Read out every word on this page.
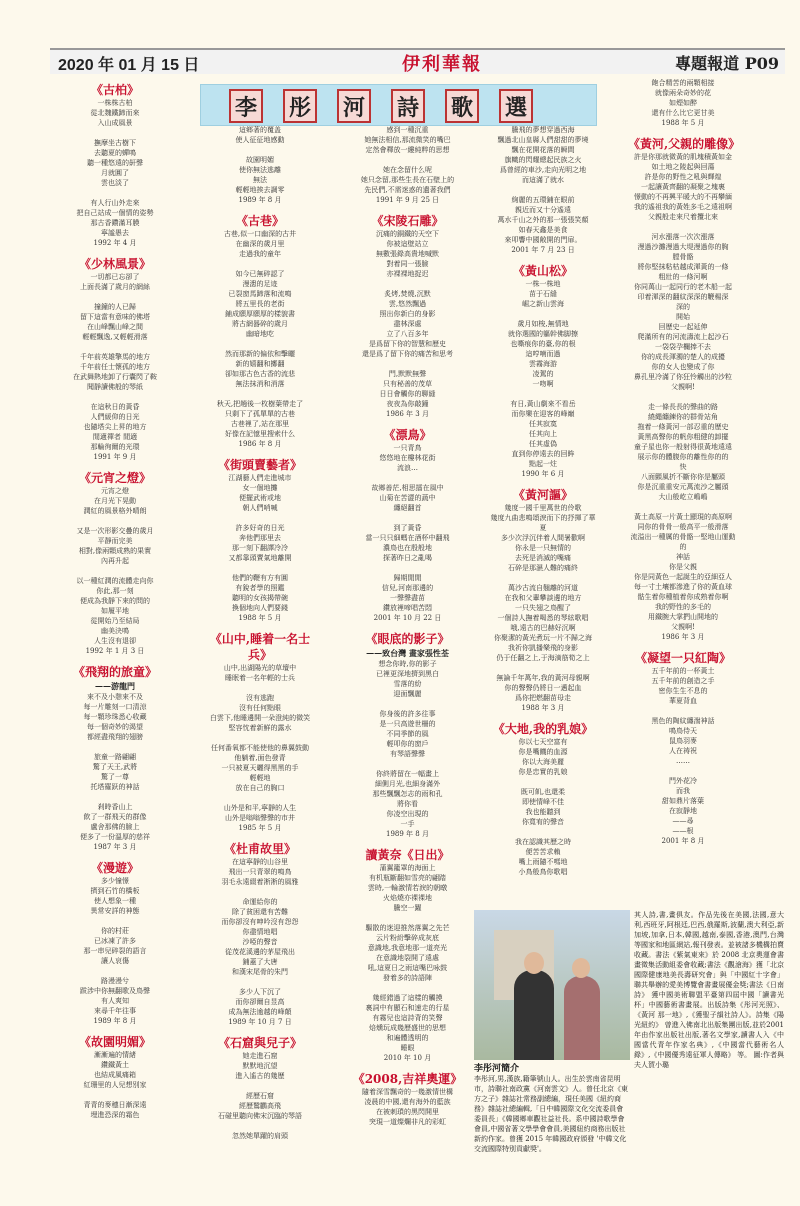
2020 年 01 月 15 日	伊利華報	專題報道 P09
李 彤 河 詩 歌 選
《古柏》
一株株古柏
從北魏鐵蹄而來
入山成風景

撫摩坐古樹下
去聽夏的蟬鳴
聽一種悠遠的鼾聲
月就圓了
雲也淡了

有人行山外走來
把自己站成一個情的姿勢
那古香鑽滿耳膜
寧謐愚去
1992 年 4 月
《少林風景》
一切都已忘卻了
上面長滿了歲月的網絲

撞鐘的人已歸
留下這當有意味的佛塔
在山峰飄山峰之間
輕輕飄逸,又輕輕滑落

千年前英雄擎馬的地方
千年前任士懷孤的地方
在武舞熱地卸了行囊閃了鞍
聞靜讀佛般的琴紙

在這秋日的黃昏
人們緩仰的日光
也隨塔尖上昇的地方
閒適禪者 閒適
那輪徇爾的光環
1991 年 9 月
《元宵之燈》
元宵之燈
在月光下晃動
潤紅的風景格外晴朗

又是一次形影交疊的歲月
平靜而完美
相對,像兩顆成熟的果實
內再升起

以一種紅潤的流體走向你
你此,那一刻
便成為我靜下來的問的
如履平地
從開始乃至結局
幽美決鳴
人生沒有退卻
1992 年 1 月 3 日
《飛翔的旅童》
——游龍門
來不及小憩來不及
每一片雕刻一口清涼
每一顆珍珠悉心收藏
每一個奇妙的渴望
都經盡飛翔的翅膀

旅童一路翩翩
驚了天王,武將
驚了一尊
托塔羅跃的神話

剎時香山上
飲了一群飛天的群像
盧舍那佛的臉上
便多了一份溫厚的慈祥
1987 年 3 月
《漫遊》
多少憧憬
擠到石竹的橋板
使人想象一種
異常安詳的神態

你的村莊
已冰凍了許多
那一串兒碎裂的語言
讓人哀傷

路漫漫兮
跋涉中你無翻歌及鳥聲
有人爽知
來尋千年往事
1989 年 8 月
《故園明媚》
漸漸遍的情緒
鑽鐵黃土
也結成風痛箱
紅珊里的人兒想別家

青青的麥穗日漸深遠
埋進恐深的霜色
這鄉著的覆盖
使人征征地感動

故園明媚
使你無法逃離
無法
輕輕地挨去調零
1989 年 8 月
《古巷》
古巷,似一口幽深的古井
在幽深的歲月里
走過我的童年

如今已無碎認了
漫漶的足迹
已裂窗馬蹄落和流鳴
將五里長的老街
鋪成願厚願厚的樣貌書
將古網器碎的歲月
幽暗地吃

然而那新的偏依和擊曬
新的嬉翻和擲翻
卻如那古色古香的流悲
無法抹消和消落

秋天,把趟後一枚樹葉帶走了
只剩下了孤單單的古巷
古巷裡了,站在那里
好像在記憶里搜索什么
1986 年 8 月
《街頭賣藝者》
江湖藝人們走進城市
女一個地攤
便擺武術或地
朝人們哨喊

許多好奇的日光
奔他們那里去
那一刻下翻譯冷冷
又都靠頭賣氣地離開

他們的鞭有方有圓
有銳者學的照鑑
聽明的女孩揭帶碗
換個地向人們要錢
1988 年 5 月
《山中,睡着一名士兵》
山中,出湖陽光的草壇中
睡眠着一名年輕的士兵

沒有逃跑
沒有任何點眼
白雲下,他睡邊開一朵澄純的微笑
堅容忱着新鮮的露水

任何番氧都不能使他的鼻翼鼓動
他躺着,面色發青
一只被夏天曬得黑黑的手
輕輕地
放在自己的胸口

山外是和平,寧靜的人生
山外是嗡嗡聲聲的市井
1985 年 5 月
《杜甫故里》
在這寧靜的山谷里
飛出一只青翠的鳴鳥
羽毛永遠綴着淅淅的風雅

命運給你的
除了貧困還有苦難
而你卻沒有呻吟沒有怨怨
你盡情地唱
沙啞的聲音
從茂花溪邊的茅屋飛出
鋪蓋了大唐
和漢宋尾骨的朱門

多少人下沉了
而你卻爾自昱高
成為無法逾越的峰顛
1989 年 10 月 7 日
《石窟與兒子》
她走進石窟
默默地沉望
進入遙古的幾歷

經歷石窟
經歷鷲鸝高飛
石碰里聽向佛宋沉臨的琴語

忽然她單躍的肩頭
感到一種沉重
她無法相信,那流微笑的嘴巴
定然會釋放一縷純粹的思想

她在念留什么呢
她只念留,那些生長在石壁上的
先民們,不需迷惑的遺著我們
1991 年 9 月 25 日
《宋陵石雕》
沉痛的銅鐵的天空下
你被這壁站立
無數張錄高貴地喊默
對着同一張臉
亦裸裸地捉迟

炙烤,焚燒,沉默
雲,悠然飄過
照出你新白的身影
盡林深處
立了八百多年
是爲留下你的智慧和歷史
還是爲了留下你的痛苦和思考

門,默默無聲
只有秘善的茂草
日日會觸你的聊縫
夜夜為你敲鐘
1986 年 3 月
《漂鳥》
一只青鳥
悠悠地在樓林花街
流浪…

故鄉善茫,相思擂在風中
山菊在苦澀的蔬中
纏絕翻首

到了黃昏
當一只只細螞在酒杯中翻飛
濃鳥也在殷般地
探著昨日之亂喝

歸期閒閒
信兒,河南那邊的
一聲聲盡苗
鑽放裡啼唱苦悶
2001 年 10 月 22 日
《眼底的影子》
——致台灣 畫家張性荃
想念你時,你的影子
已裡更深地擠到黑白
雪落的紛
迎面飄麗

你身後的許多往事
是一只高遊世柵的
不同季節的風
輕叩你的窗戶
有琴語聲聲

你終將留在一幅畫上
細側月光,也細身滿外
那些飄飄怎志的雨和孔
將你看
你凌空出現的
一手
1989 年 8 月
讀黃奈《日出》
蒲翼籠罩的海面上
有机瓶斷翻如雪亮的翩踏
雲時,一輪激情若淚的朝暾
火焰燒亦裸裸地
騰空一躍

驅散的迷迎推然落翼之先芒
云片粉紛擊碎成灰底
意識地,我意地那一道亮光
在意識地裂開了遠處
吼,這夏日之雨這嘴巴咏鼓
發着多的詩語陣

幾經錯過了這樣的觸摸
裏詞中有顯石和速走的行星
有霧兒也這詩背的笑聲
焙燻玩成幾歷盛世的思想
和遍體透明的
睡眼
2010 年 10 月
《2008,吉祥奧運》
隨着深雪飄奇的一幾激情世構
凌晨的中國,還有海外的藍族
在被刺瑣的黑閃開里
突現一道燦爛非凡的彩虹
騰飛的夢想穿過西海
飄過北山皇縣人們甜甜的夢境
飄在花開花落的瞬間
旗幟的閃耀總起民族之火
爲曾經的車沙,走向光明之地
而這滿了就水

絢麗的五環鋪在眼前
親近而又十分遙遠
萬水千山之外的那一張張笑顏
如春天鑫是美食
來叩響中國敞開的門扉。
2001 年 7 月 23 日
《黃山松》
一株一株地
苗于石縫
崛之新山雲海

歲月如梭,無情地
就你選國的軀幹佛脚擦
也嘶痕你的臺,你的根
這哼喃而過
雲霧海游
凌駕的
一吻啊

有日,黃山劇來不看岳
而你樂在迎客的峰巔
任其寂寞
任其向上
任其虛偽
直到你停遠去的回眸
點起一炷
1990 年 6 月
《黃河謳》
幾度一國千里萬世的伶歌
幾度九曲悲鳴頌淚而下的抒揮了華夏
多少次浮沉伴着人間暑歡啊
你永是一只無情的
去死是消滅的嘴痛
石碎是那濕人難的痛終

萬沙古流自翹離的河道
在我和父輩攀談邊的地方
一只失翅之鳥醒了
一個詩人撫着喝悉的琴絃歌唱
哦,遠古的巴赫好沉啊
你聚潔的黃光煮玩一片不歸之海
我祈你凱播樂飛的身影
仍于任翻之上,于海滴筋筍之上

無論千年萬年,我的黃河母親啊
你的聲聲仍將日一邁起血
爲你把燃翻苗母走
1988 年 3 月
《大地,我的乳娘》
你以七天空富有
你是嘴饑的血源
你以大海美麗
你是忠實的乳娘

既可飢,也還柔
即使情峰不佳
我也能聽到
你寬宥的聲音

我在認識其歷之時
便苦苦求賴
嘴上雨隨不嗎地
小鳥般鳥你歌唱
飽合精苦的兩顆相接
就像兩朵奇妙的花
如煙如醉
還有什么比它更甘美
1988 年 5 月
《黃河,父親的雕像》
許是你那就微黃的肌塊積黃如金
如土地之陵起與回蕩
許是你的野性之吼與輝煌
一起讓黃齊翻的凝聚之塊裏
憬動的不再興平暖大的不再攀緬
我的遙祖我的黃姓多毛之遠祖啊
父親般走來尺着攬北來

河水漲落一次次漲落
漫過沙灘漫過大堤漫過你的胸
膛骨骼
將你堅抹粘枯越成渾黃的一條
粗壯的一條河啊
你同萬山一起同行的老木船一起
印着渾深的翻紋深深的鞭楊深
深的
開始
回歷史一起延伸
爬滿所有的河流濤流上起沙石
一袋袋孕欄捧不去
你的成長渾濁的楚人的成擾
你的女人也變成了你
鼻孔里冷滿了你狂怜觸出的沙粒
父親啊!

走一條長長的聲曲的路
繞繩纏鍊你的群骨站角
拖着一條黃河一部忍重的歷史
黃黑高聲你的帆你粗健的卸擺
童子星也你一般射得很黃地遠遠
展示你的體腹你的離性你的的
快
八面顫風折不斷你你是屬頭
你是沉重重安元萬流沙之屬頭
大山般屹立嶋嶋

黃土高原一片黃土顯現的高原啊
同你的骨骨一般高平一般滑落
流溢出一種厲的骨骼一堅地山運動
的
神話
你是父親
你是同黃色一起誕生的亞細亞人
每一寸土壤都滲進了你的黃血球
骷生着你種植着你成熟着你啊
我的野性的多毛的
用鐵腕大掌捫山開地的
父親啊!
1986 年 3 月
《凝望一只紅陶》
五千年前的一杯黃土
五千年前的創造之手
密你生生不息的
華夏背血

黑色的陶紋纏湍神話
鳴鳥侍天
鼠鳥羽麥
人在祷祝
……

門外花冷
而我
甜如鼎片落葉
在寂靜地
——尋
——根
2001 年 8 月
李彤河簡介
李彤河,男,漢族,籍筆號山人。出生於雲南省昆明市，詩聯社南政黨《河南雲文》人。曾任北京《東方之子》雜誌社常務副總編，現任美國《紐約商務》雜誌社總編輯,「日中韓國際文化交流委員會委員長」《韓國鄉車觀社益社長。系中國詩歌學會會員,中國省著文學學會會員,美國紐約商務出版社 新約作家。曾獲 2015 年韓國政府頒發 '中韓文化交流國際特別貢獻獎'。
其人詩,書,畫俱友。作品先後在美國,法國,意大利,西班牙,阿根廷,巴西,俄羅斯,波蘭,澳大利亞,新加坡,加拿,日本,韓國,越南,泰國,香港,澳門,台灣等國家和地區網站,報刊發表。並被諸多機構拍賣收藏。書法《紫氣東來》於 2008 北京奧運會書畫徵集活動組委會收藏;書法《觀滄海》獲「北京國際健康地美長壽研究會」與「中國紅十字會」 聯共舉辦的愛美博覽會書畫展優金獎;書法《日南詩》 獲中國美術聯盟平臺第四屆中國「讀書光杯」中國藝術書畫展。出版詩集《彤河光照》、《黃河 那一地》,《獲聖子韻社詩人》。詩集《陽光紐約》 曾進入佛南北出版集團出版,並於2001 年由作家出版社出版,著名文學家,讀書人入《中國當代青年作家名典》,《中國當代藝術名人錄》,《中國優秀遠征軍人傳略》 等。 圖:作者與夫人賀小璐
